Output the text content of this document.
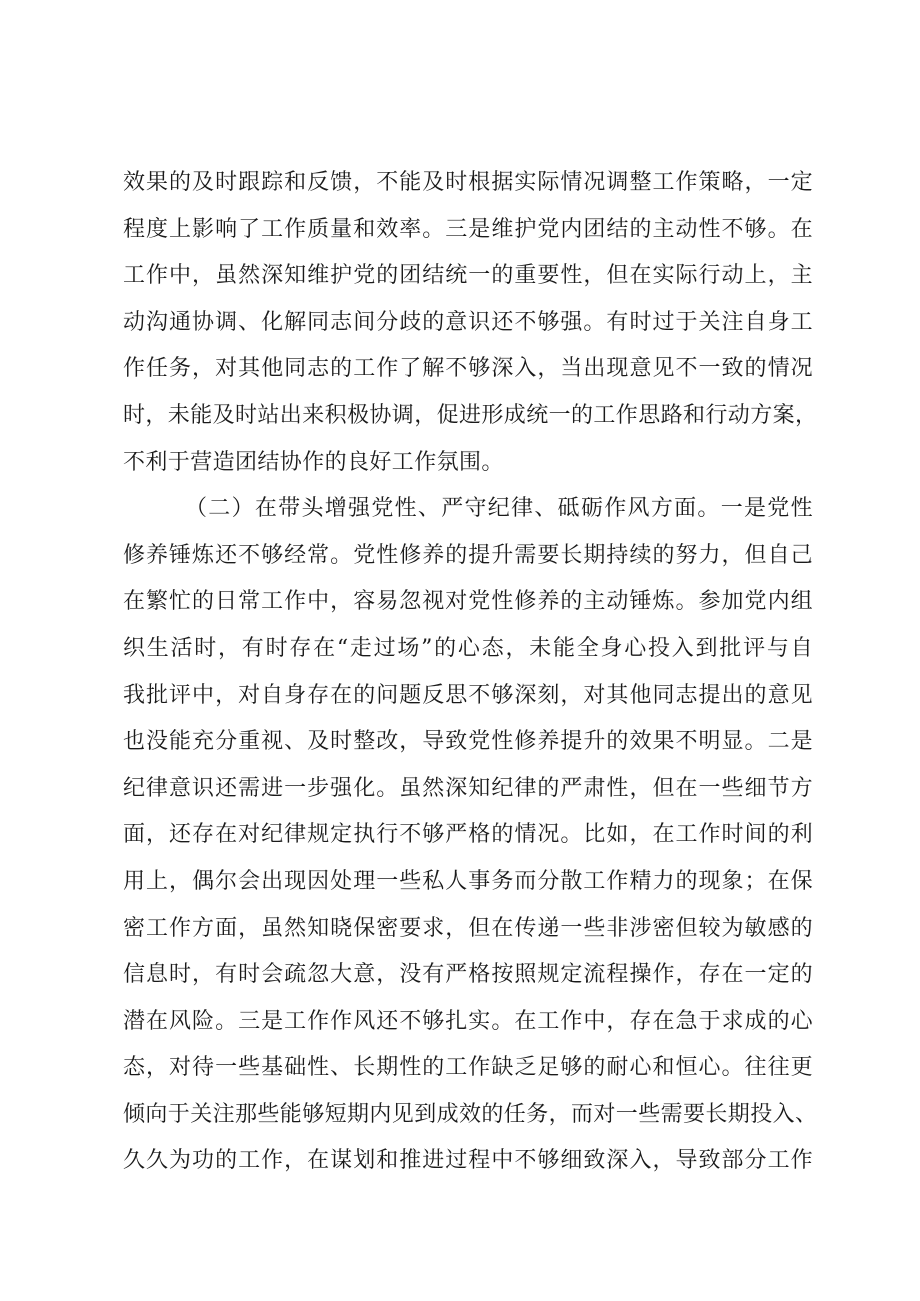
效果的及时跟踪和反馈，不能及时根据实际情况调整工作策略，一定
程度上影响了工作质量和效率。三是维护党内团结的主动性不够。在
工作中，虽然深知维护党的团结统一的重要性，但在实际行动上，主
动沟通协调、化解同志间分歧的意识还不够强。有时过于关注自身工
作任务，对其他同志的工作了解不够深入，当出现意见不一致的情况
时，未能及时站出来积极协调，促进形成统一的工作思路和行动方案，
不利于营造团结协作的良好工作氛围。
（二）在带头增强党性、严守纪律、砥砺作风方面。一是党性
修养锤炼还不够经常。党性修养的提升需要长期持续的努力，但自己
在繁忙的日常工作中，容易忽视对党性修养的主动锤炼。参加党内组
织生活时，有时存在“走过场”的心态，未能全身心投入到批评与自
我批评中，对自身存在的问题反思不够深刻，对其他同志提出的意见
也没能充分重视、及时整改，导致党性修养提升的效果不明显。二是
纪律意识还需进一步强化。虽然深知纪律的严肃性，但在一些细节方
面，还存在对纪律规定执行不够严格的情况。比如，在工作时间的利
用上，偶尔会出现因处理一些私人事务而分散工作精力的现象；在保
密工作方面，虽然知晓保密要求，但在传递一些非涉密但较为敏感的
信息时，有时会疏忽大意，没有严格按照规定流程操作，存在一定的
潜在风险。三是工作作风还不够扎实。在工作中，存在急于求成的心
态，对待一些基础性、长期性的工作缺乏足够的耐心和恒心。往往更
倾向于关注那些能够短期内见到成效的任务，而对一些需要长期投入、
久久为功的工作，在谋划和推进过程中不够细致深入，导致部分工作
